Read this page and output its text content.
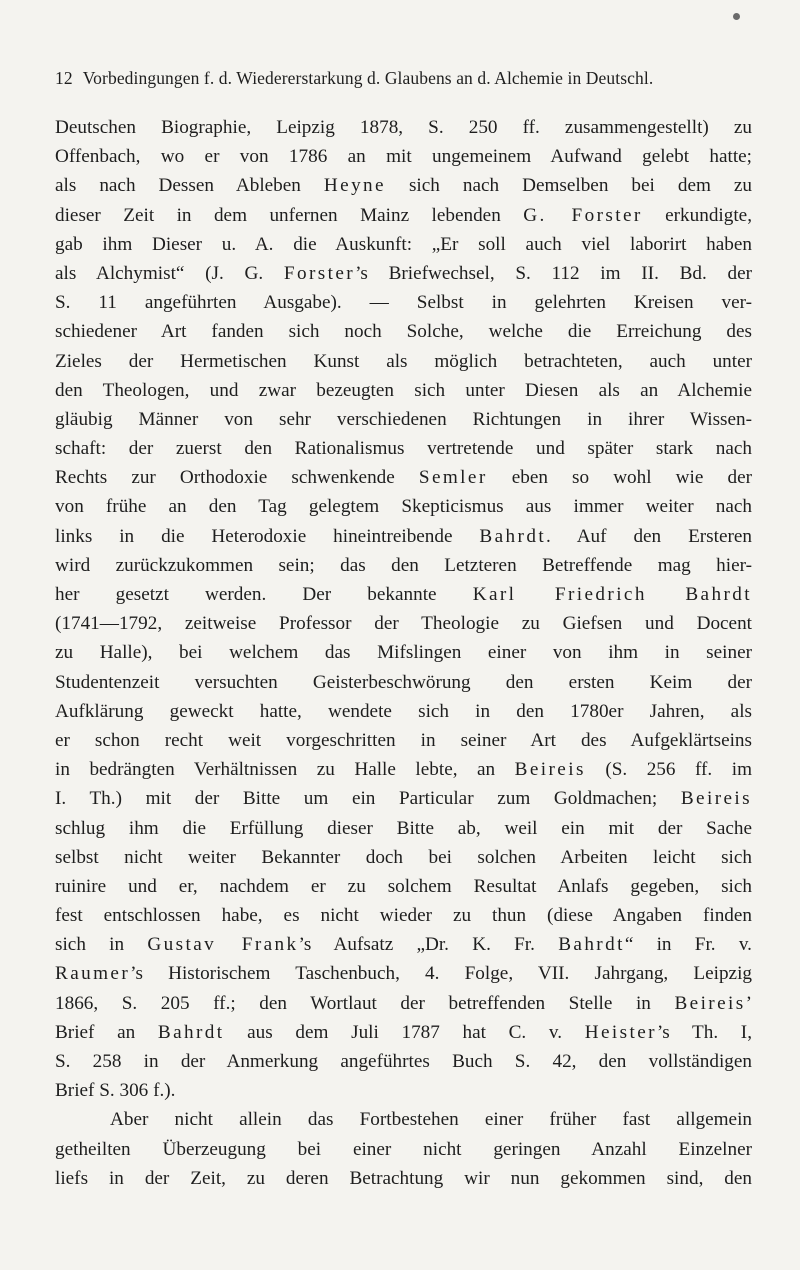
12 Vorbedingungen f. d. Wiedererstarkung d. Glaubens an d. Alchemie in Deutschl.
Deutschen Biographie, Leipzig 1878, S. 250 ff. zusammengestellt) zu
Offenbach, wo er von 1786 an mit ungemeinem Aufwand gelebt hatte;
als nach Dessen Ableben Heyne sich nach Demselben bei dem zu
dieser Zeit in dem unfernen Mainz lebenden G. Forster erkundigte,
gab ihm Dieser u. A. die Auskunft: „Er soll auch viel laborirt haben
als Alchymist“ (J. G. Forster’s Briefwechsel, S. 112 im II. Bd. der
S. 11 angeführten Ausgabe). — Selbst in gelehrten Kreisen ver-
schiedener Art fanden sich noch Solche, welche die Erreichung des
Zieles der Hermetischen Kunst als möglich betrachteten, auch unter
den Theologen, und zwar bezeugten sich unter Diesen als an Alchemie
gläubig Männer von sehr verschiedenen Richtungen in ihrer Wissen-
schaft: der zuerst den Rationalismus vertretende und später stark nach
Rechts zur Orthodoxie schwenkende Semler eben so wohl wie der
von frühe an den Tag gelegtem Skepticismus aus immer weiter nach
links in die Heterodoxie hineintreibende Bahrdt. Auf den Ersteren
wird zurückzukommen sein; das den Letzteren Betreffende mag hier-
her gesetzt werden. Der bekannte Karl Friedrich Bahrdt
(1741—1792, zeitweise Professor der Theologie zu Giefsen und Docent
zu Halle), bei welchem das Mifslingen einer von ihm in seiner
Studentenzeit versuchten Geisterbeschwörung den ersten Keim der
Aufklärung geweckt hatte, wendete sich in den 1780er Jahren, als
er schon recht weit vorgeschritten in seiner Art des Aufgeklärtseins
in bedrängten Verhältnissen zu Halle lebte, an Beireis (S. 256 ff. im
I. Th.) mit der Bitte um ein Particular zum Goldmachen; Beireis
schlug ihm die Erfüllung dieser Bitte ab, weil ein mit der Sache
selbst nicht weiter Bekannter doch bei solchen Arbeiten leicht sich
ruinire und er, nachdem er zu solchem Resultat Anlafs gegeben, sich
fest entschlossen habe, es nicht wieder zu thun (diese Angaben finden
sich in Gustav Frank’s Aufsatz „Dr. K. Fr. Bahrdt“ in Fr. v.
Raumer’s Historischem Taschenbuch, 4. Folge, VII. Jahrgang, Leipzig
1866, S. 205 ff.; den Wortlaut der betreffenden Stelle in Beireis’
Brief an Bahrdt aus dem Juli 1787 hat C. v. Heister’s Th. I,
S. 258 in der Anmerkung angeführtes Buch S. 42, den vollständigen
Brief S. 306 f.).
Aber nicht allein das Fortbestehen einer früher fast allgemein
getheilten Überzeugung bei einer nicht geringen Anzahl Einzelner
liefs in der Zeit, zu deren Betrachtung wir nun gekommen sind, den
